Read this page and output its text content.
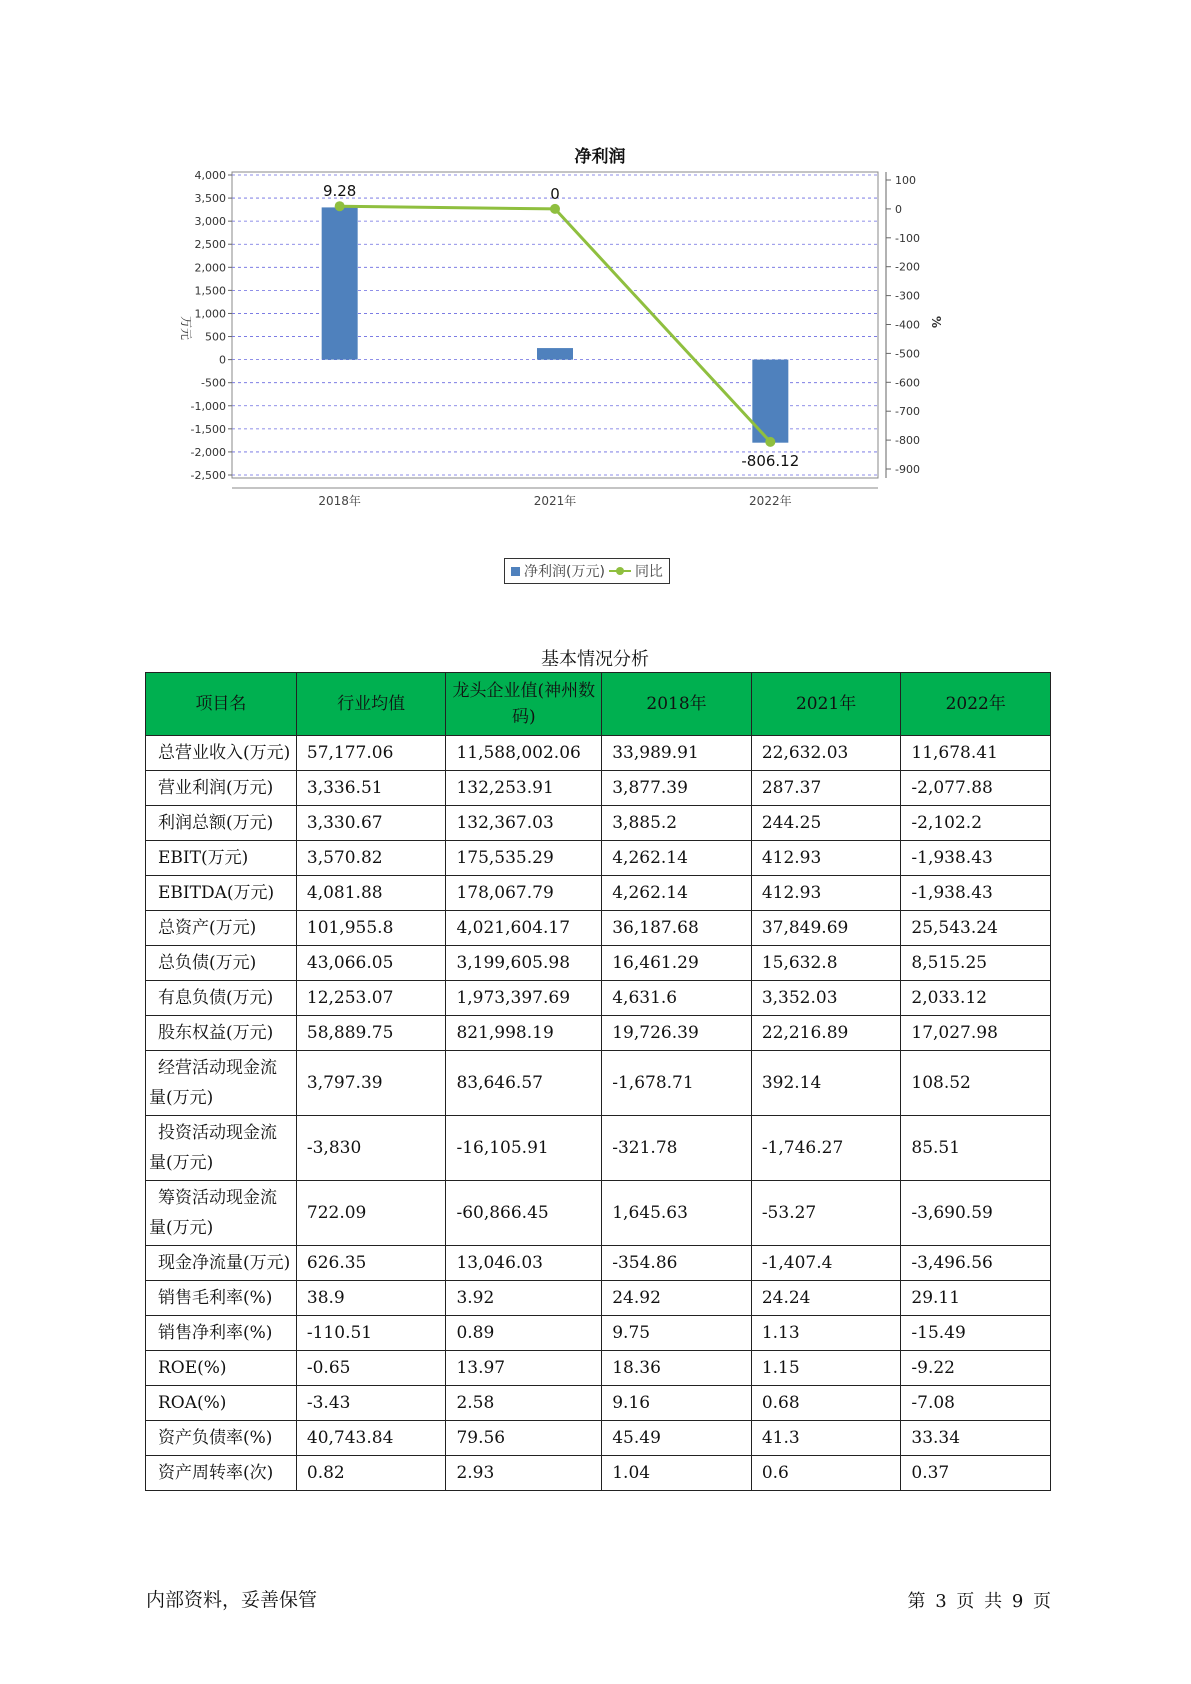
净利润
4,000
3,500
3,000
2,500
2,000
1,500
1,000
500
0
-500
-1,000
-1,500
-2,000
-2,500
100
0
-100
-200
-300
-400
-500
-600
-700
-800
-900
万元	%
2018年	2021年	2022年
9.28	0
-806.12
净利润(万元) 同比
基本情况分析
项目名	行业均值	龙头企业值(神州数码)	2018年	2021年	2022年
总营业收入(万元)	57,177.06	11,588,002.06	33,989.91	22,632.03	11,678.41
营业利润(万元)	3,336.51	132,253.91	3,877.39	287.37	-2,077.88
利润总额(万元)	3,330.67	132,367.03	3,885.2	244.25	-2,102.2
EBIT(万元)	3,570.82	175,535.29	4,262.14	412.93	-1,938.43
EBITDA(万元)	4,081.88	178,067.79	4,262.14	412.93	-1,938.43
总资产(万元)	101,955.8	4,021,604.17	36,187.68	37,849.69	25,543.24
总负债(万元)	43,066.05	3,199,605.98	16,461.29	15,632.8	8,515.25
有息负债(万元)	12,253.07	1,973,397.69	4,631.6	3,352.03	2,033.12
股东权益(万元)	58,889.75	821,998.19	19,726.39	22,216.89	17,027.98
经营活动现金流量(万元)	3,797.39	83,646.57	-1,678.71	392.14	108.52
投资活动现金流量(万元)	-3,830	-16,105.91	-321.78	-1,746.27	85.51
筹资活动现金流量(万元)	722.09	-60,866.45	1,645.63	-53.27	-3,690.59
现金净流量(万元)	626.35	13,046.03	-354.86	-1,407.4	-3,496.56
销售毛利率(%)	38.9	3.92	24.92	24.24	29.11
销售净利率(%)	-110.51	0.89	9.75	1.13	-15.49
ROE(%)	-0.65	13.97	18.36	1.15	-9.22
ROA(%)	-3.43	2.58	9.16	0.68	-7.08
资产负债率(%)	40,743.84	79.56	45.49	41.3	33.34
资产周转率(次)	0.82	2.93	1.04	0.6	0.37
内部资料，妥善保管	第 3 页 共 9 页
